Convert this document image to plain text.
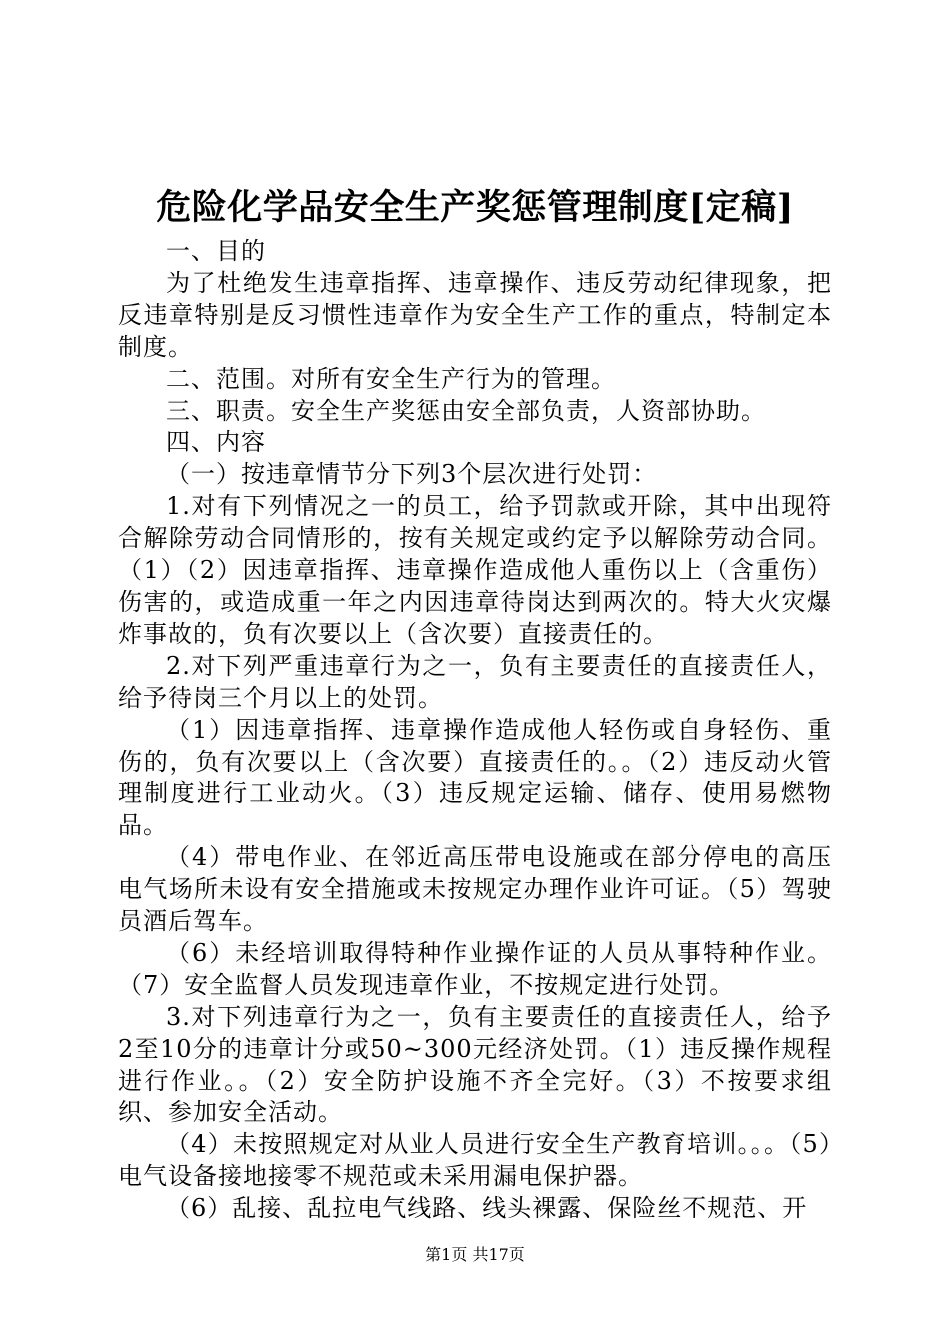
危险化学品安全生产奖惩管理制度[定稿]

一、目的

为了杜绝发生违章指挥、违章操作、违反劳动纪律现象，把反违章特别是反习惯性违章作为安全生产工作的重点，特制定本制度。

二、范围。对所有安全生产行为的管理。

三、职责。安全生产奖惩由安全部负责，人资部协助。

四、内容

（一）按违章情节分下列3个层次进行处罚：

1.对有下列情况之一的员工，给予罚款或开除，其中出现符合解除劳动合同情形的，按有关规定或约定予以解除劳动合同。（1）（2）因违章指挥、违章操作造成他人重伤以上（含重伤）伤害的，或造成重一年之内因违章待岗达到两次的。特大火灾爆炸事故的，负有次要以上（含次要）直接责任的。

2.对下列严重违章行为之一，负有主要责任的直接责任人，给予待岗三个月以上的处罚。

（1）因违章指挥、违章操作造成他人轻伤或自身轻伤、重伤的，负有次要以上（含次要）直接责任的。。（2）违反动火管理制度进行工业动火。（3）违反规定运输、储存、使用易燃物品。

（4）带电作业、在邻近高压带电设施或在部分停电的高压电气场所未设有安全措施或未按规定办理作业许可证。（5）驾驶员酒后驾车。

（6）未经培训取得特种作业操作证的人员从事特种作业。（7）安全监督人员发现违章作业，不按规定进行处罚。

3.对下列违章行为之一，负有主要责任的直接责任人，给予2至10分的违章计分或50~300元经济处罚。（1）违反操作规程进行作业。。（2）安全防护设施不齐全完好。（3）不按要求组织、参加安全活动。

（4）未按照规定对从业人员进行安全生产教育培训。。。（5）电气设备接地接零不规范或未采用漏电保护器。

（6）乱接、乱拉电气线路、线头裸露、保险丝不规范、开

第1页 共17页
